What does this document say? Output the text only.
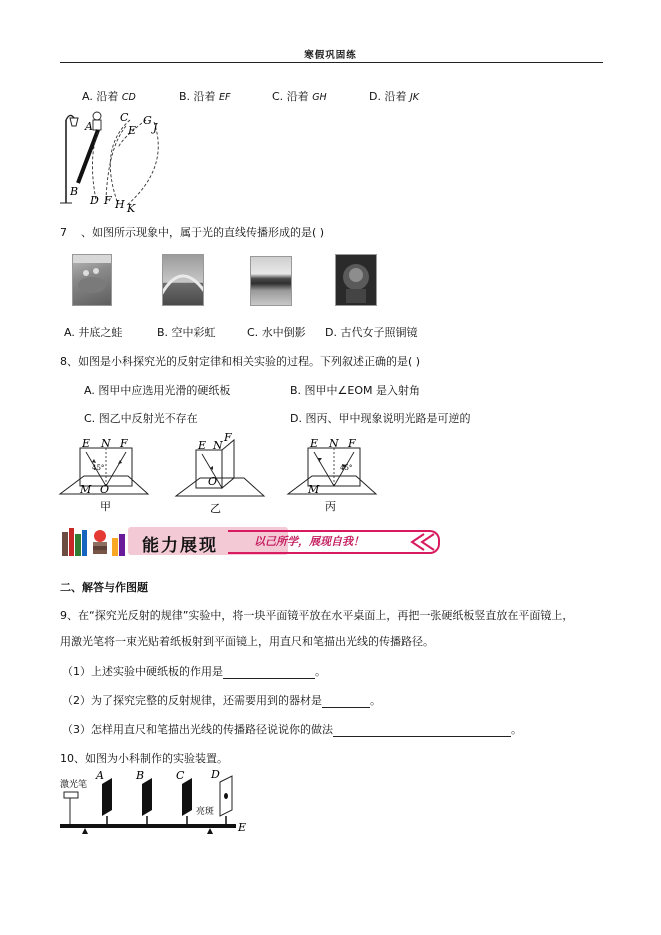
寒假巩固练
A. 沿着 CD	B. 沿着 EF	C. 沿着 GH	D. 沿着 JK
A
C
E
G
J
B
D F H K
7 、如图所示现象中，属于光的直线传播形成的是( )
A. 井底之蛙	B. 空中彩虹	C. 水中倒影 D. 古代女子照铜镜
8、如图是小科探究光的反射定律和相关实验的过程。下列叙述正确的是( )
A. 图甲中应选用光滑的硬纸板	B. 图甲中∠EOM 是入射角
C. 图乙中反射光不存在	D. 图丙、甲中现象说明光路是可逆的
E N F
45°
M O
甲
E N
F
O
乙
E N F
45°
M
丙
能力展现	以己所学，展现自我！
二、解答与作图题
9、在“探究光反射的规律”实验中，将一块平面镜平放在水平桌面上，再把一张硬纸板竖直放在平面镜上，
用激光笔将一束光贴着纸板射到平面镜上，用直尺和笔描出光线的传播路径。
（1）上述实验中硬纸板的作用是	。
（2）为了探究完整的反射规律，还需要用到的器材是	。
（3）怎样用直尺和笔描出光线的传播路径说说你的做法	。
10、如图为小科制作的实验装置。
激光笔
A	B	C D
亮斑
E
